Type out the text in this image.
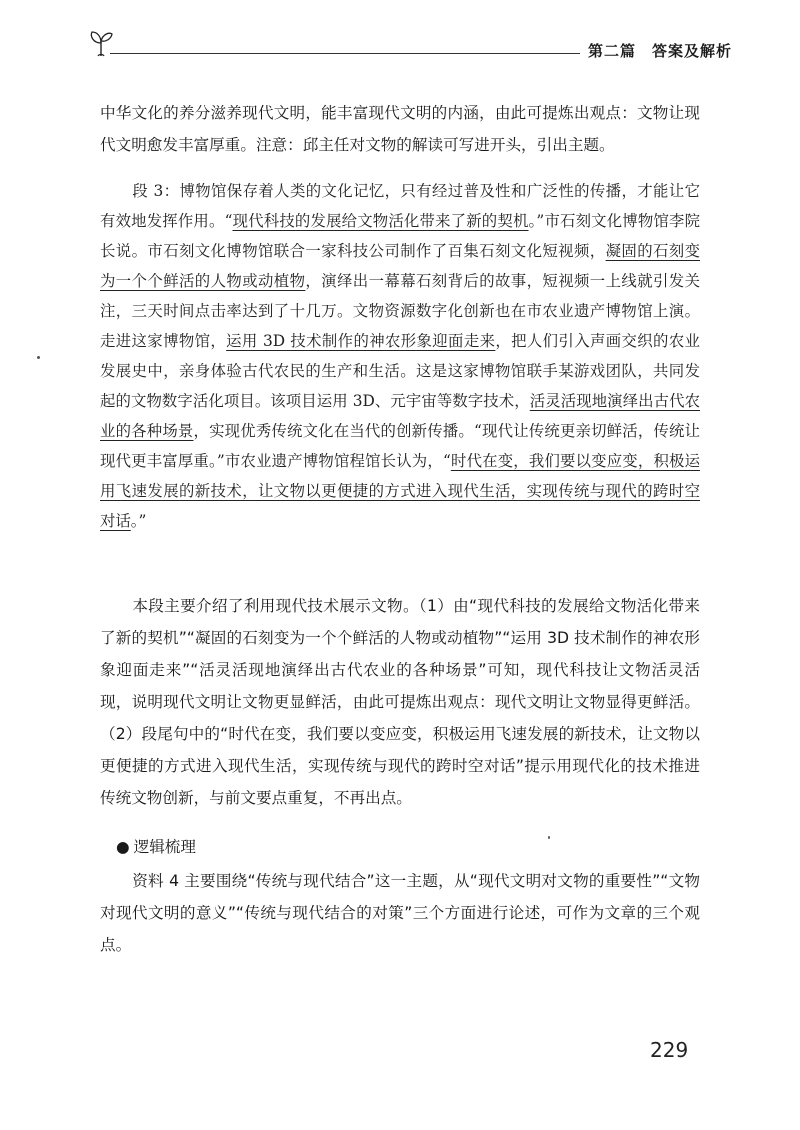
第二篇　答案及解析

中华文化的养分滋养现代文明，能丰富现代文明的内涵，由此可提炼出观点：文物让现代文明愈发丰富厚重。注意：邱主任对文物的解读可写进开头，引出主题。

段 3：博物馆保存着人类的文化记忆，只有经过普及性和广泛性的传播，才能让它有效地发挥作用。“现代科技的发展给文物活化带来了新的契机。”市石刻文化博物馆李院长说。市石刻文化博物馆联合一家科技公司制作了百集石刻文化短视频，凝固的石刻变为一个个鲜活的人物或动植物，演绎出一幕幕石刻背后的故事，短视频一上线就引发关注，三天时间点击率达到了十几万。文物资源数字化创新也在市农业遗产博物馆上演。走进这家博物馆，运用 3D 技术制作的神农形象迎面走来，把人们引入声画交织的农业发展史中，亲身体验古代农民的生产和生活。这是这家博物馆联手某游戏团队，共同发起的文物数字活化项目。该项目运用 3D、元宇宙等数字技术，活灵活现地演绎出古代农业的各种场景，实现优秀传统文化在当代的创新传播。“现代让传统更亲切鲜活，传统让现代更丰富厚重。”市农业遗产博物馆程馆长认为，“时代在变，我们要以变应变，积极运用飞速发展的新技术，让文物以更便捷的方式进入现代生活，实现传统与现代的跨时空对话。”

本段主要介绍了利用现代技术展示文物。（1）由“现代科技的发展给文物活化带来了新的契机”“凝固的石刻变为一个个鲜活的人物或动植物”“运用 3D 技术制作的神农形象迎面走来”“活灵活现地演绎出古代农业的各种场景”可知，现代科技让文物活灵活现，说明现代文明让文物更显鲜活，由此可提炼出观点：现代文明让文物显得更鲜活。（2）段尾句中的“时代在变，我们要以变应变，积极运用飞速发展的新技术，让文物以更便捷的方式进入现代生活，实现传统与现代的跨时空对话”提示用现代化的技术推进传统文物创新，与前文要点重复，不再出点。

● 逻辑梳理

资料 4 主要围绕“传统与现代结合”这一主题，从“现代文明对文物的重要性”“文物对现代文明的意义”“传统与现代结合的对策”三个方面进行论述，可作为文章的三个观点。

229
